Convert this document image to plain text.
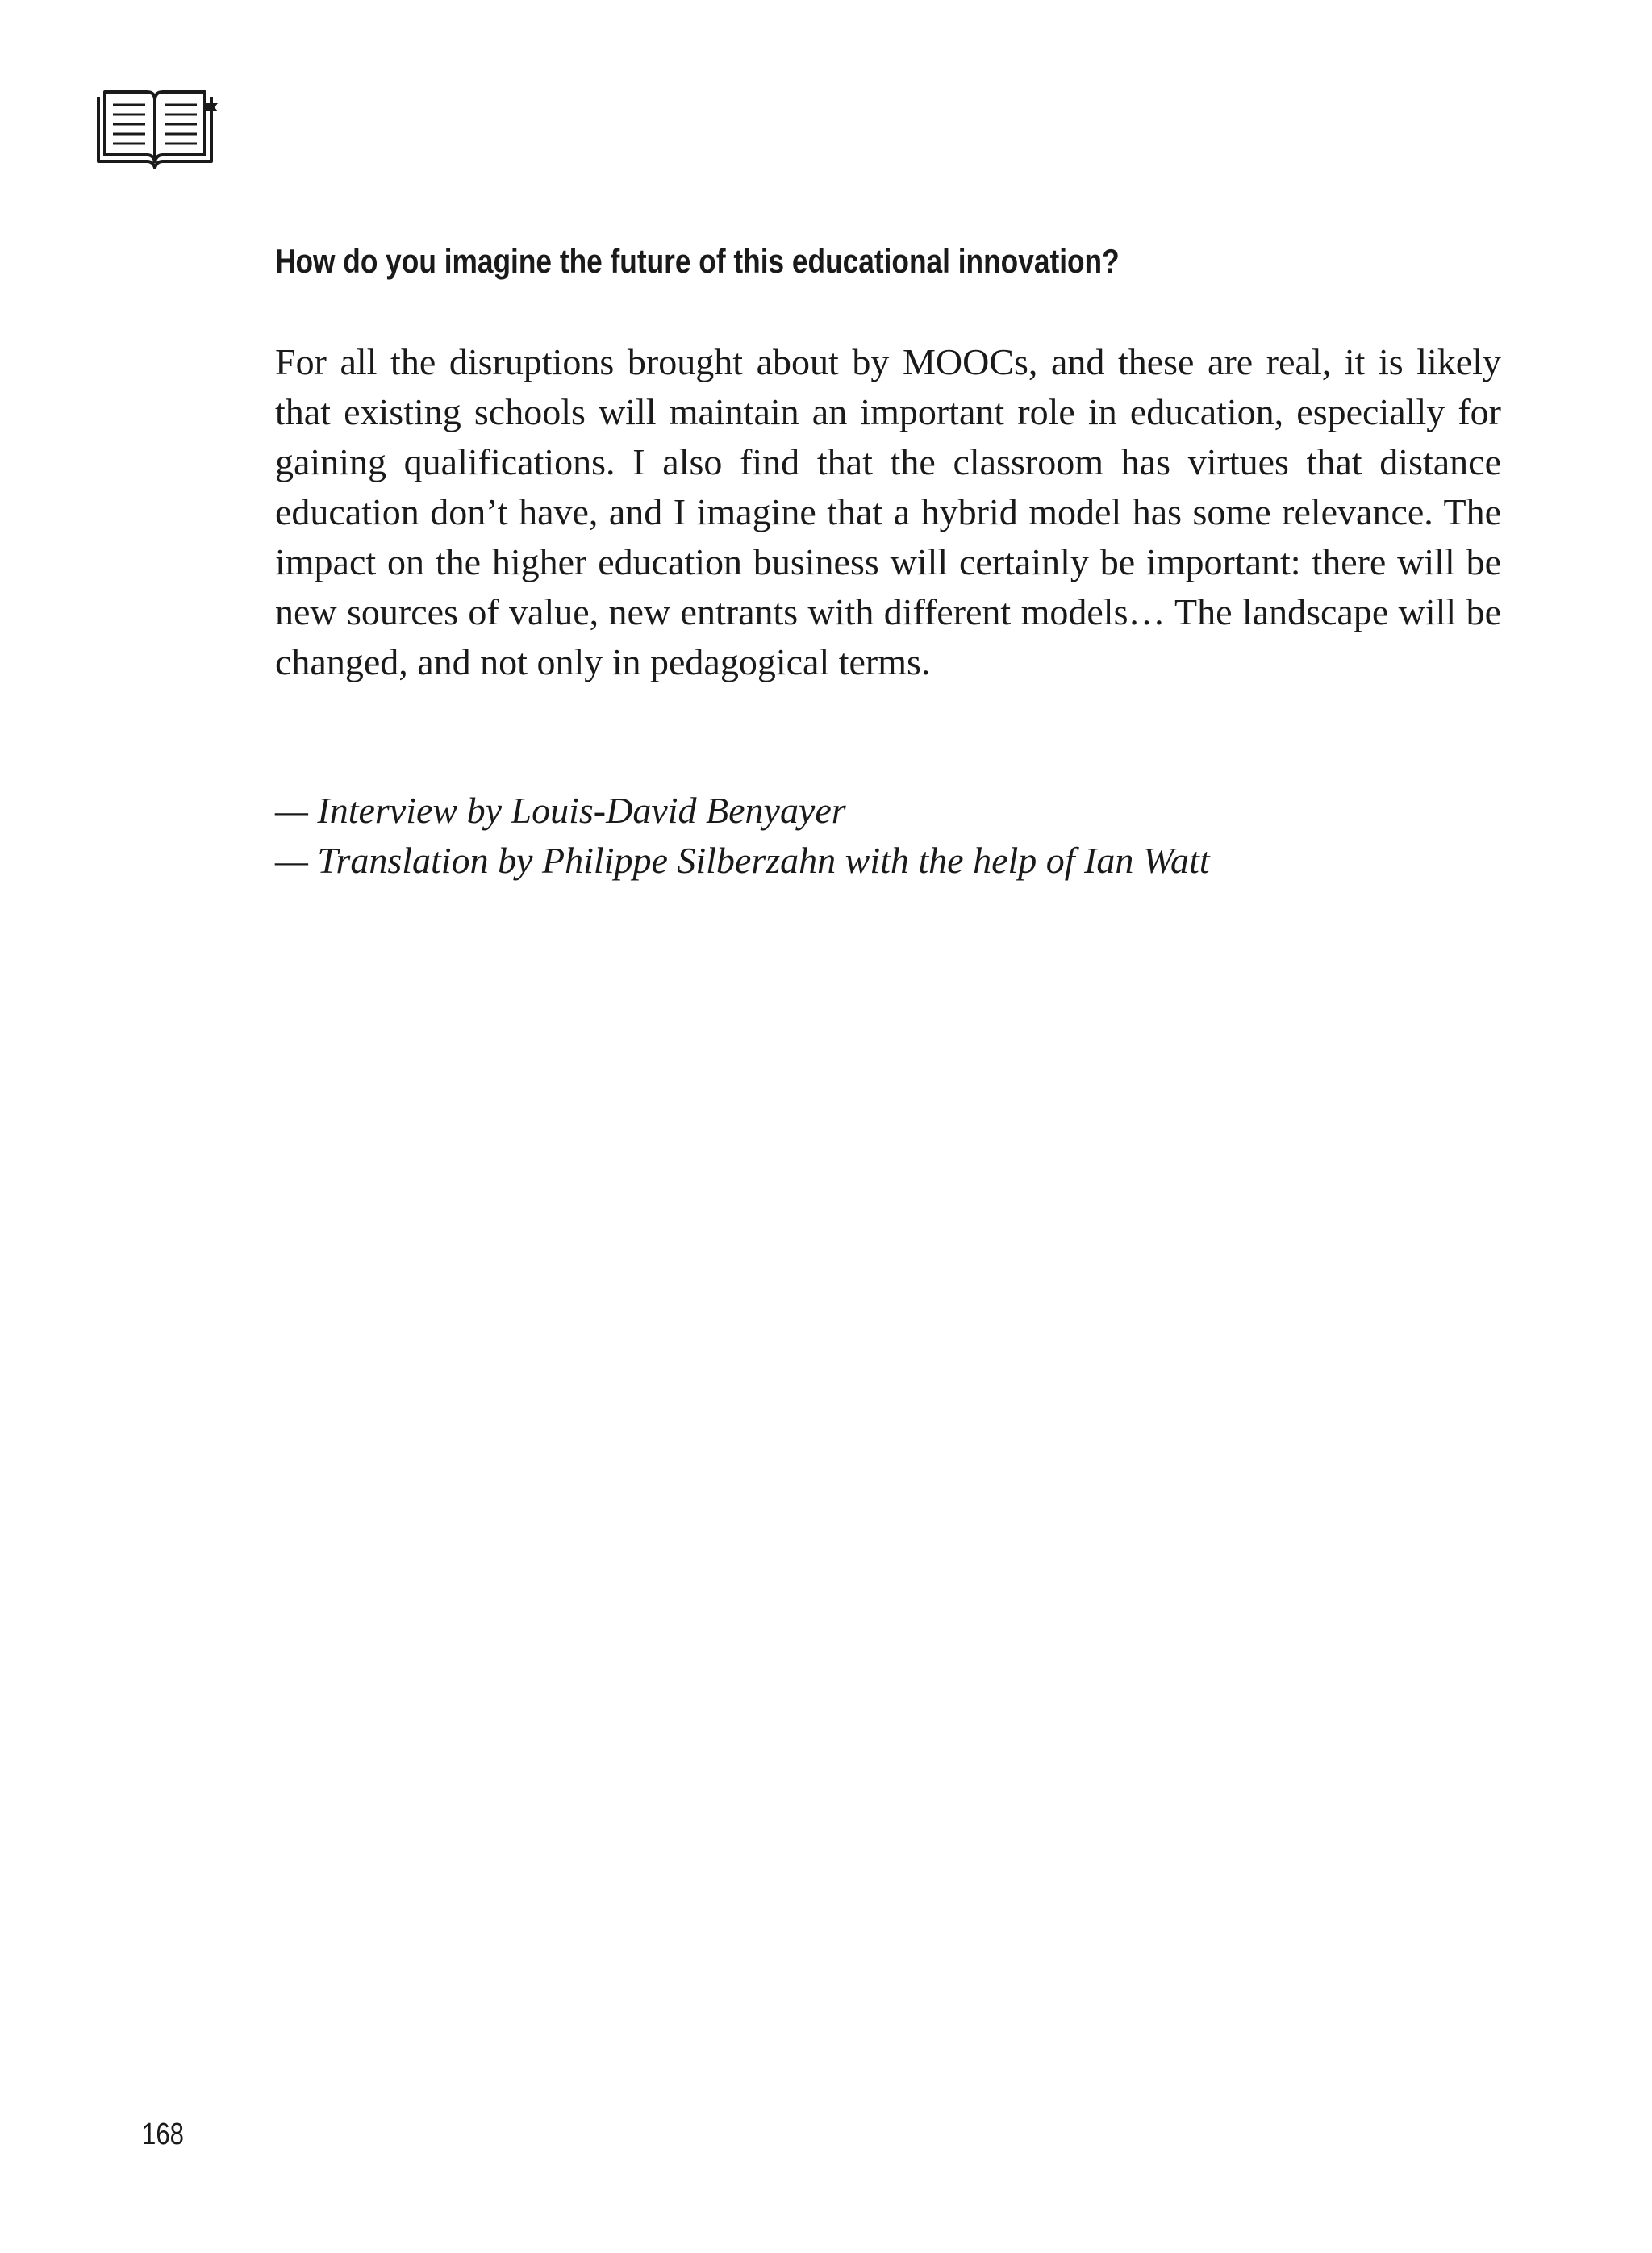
How do you imagine the future of this educational innovation?

For all the disruptions brought about by MOOCs, and these are real, it is likely that existing schools will maintain an important role in education, especially for gaining qualifications. I also find that the classroom has virtues that distance education don’t have, and I imagine that a hybrid model has some relevance. The impact on the higher education business will certainly be important: there will be new sources of value, new entrants with different models… The landscape will be changed, and not only in pedagogical terms.

— Interview by Louis-David Benyayer
— Translation by Philippe Silberzahn with the help of Ian Watt
168
